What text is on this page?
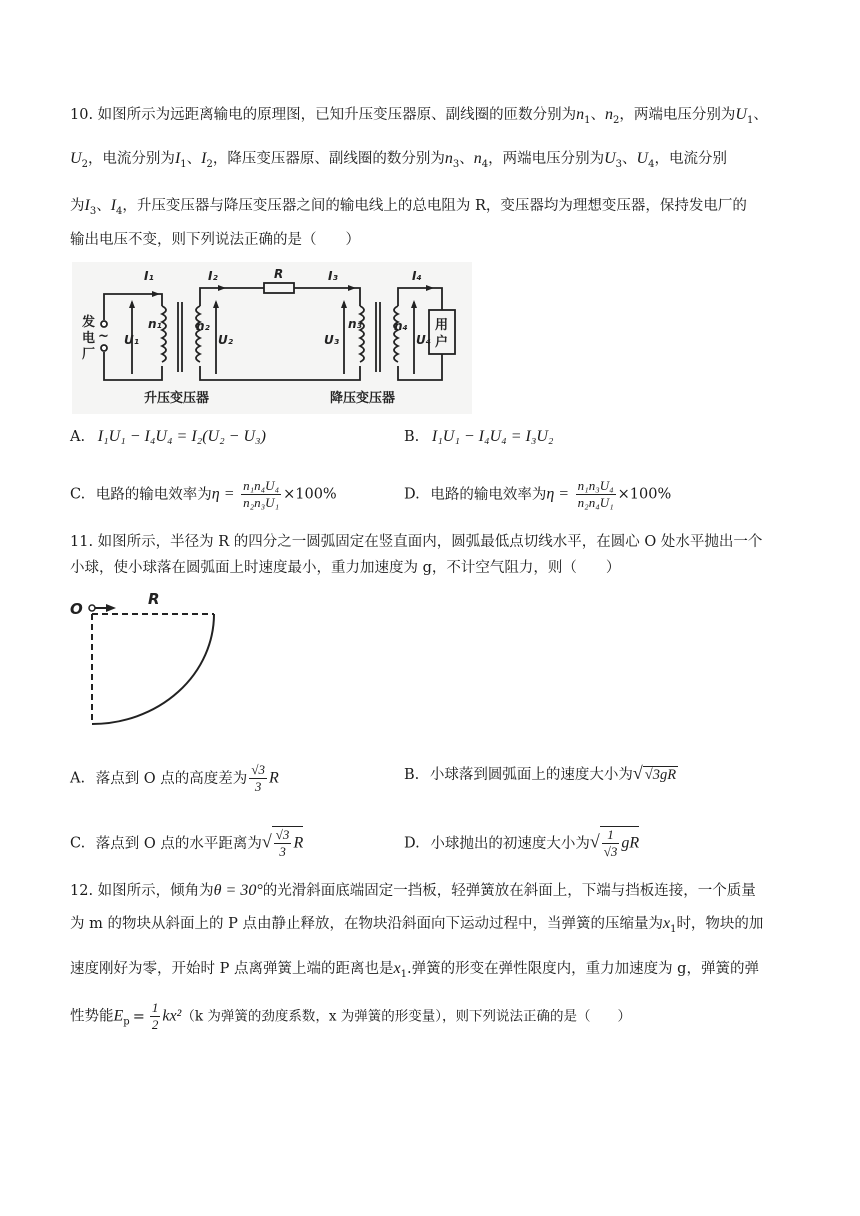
10. 如图所示为远距离输电的原理图，已知升压变压器原、副线圈的匝数分别为$n_1$、$n_2$，两端电压分别为$U_1$、
$U_2$，电流分别为$I_1$、$I_2$，降压变压器原、副线圈的数分别为$n_3$、$n_4$，两端电压分别为$U_3$、$U_4$，电流分别
为$I_3$、$I_4$，升压变压器与降压变压器之间的输电线上的总电阻为 R，变压器均为理想变压器，保持发电厂的
输出电压不变，则下列说法正确的是（　　）
I₁	I₂	R	I₃	I₄
U₁
n₁	n₂
U₂	U₃
n₃	n₄
U₄
发
电
厂
~
用
户
升压变压器	降压变压器
A. I₁U₁ − I₄U₄ = I₂(U₂ − U₃)	B. I₁U₁ − I₄U₄ = I₃U₂
C. 电路的输电效率为$\eta = \frac{\text{n₁n₄U₄}}{\text{n₂n₃U₁}} \times 100\%$	D. 电路的输电效率为$\eta = \frac{\text{n₁n₃U₄}}{\text{n₂n₄U₁}} \times 100\%$
11. 如图所示，半径为 R 的四分之一圆弧固定在竖直面内，圆弧最低点切线水平，在圆心 O 处水平抛出一个
小球，使小球落在圆弧面上时速度最小，重力加速度为 g，不计空气阻力，则（　　）
O
R
A. 落点到 O 点的高度差为 $\frac{√3}{3}$ R	B. 小球落到圆弧面上的速度大小为√ √3gR
C. 落点到 O 点的水平距离为√ $\frac{√3}{3}$ R	D. 小球抛出的初速度大小为√ $\frac{1}{√3}$ gR
12. 如图所示，倾角为θ = 30°的光滑斜面底端固定一挡板，轻弹簧放在斜面上，下端与挡板连接，一个质量
为 m 的物块从斜面上的 P 点由静止释放，在物块沿斜面向下运动过程中，当弹簧的压缩量为$x_1$时，物块的加
速度刚好为零，开始时 P 点离弹簧上端的距离也是$x_1$.弹簧的形变在弹性限度内，重力加速度为 g，弹簧的弹
性势能$E_p = \frac{1}{2} kx^2(k$ 为弹簧的劲度系数，x 为弹簧的形变量），则下列说法正确的是（　　）
